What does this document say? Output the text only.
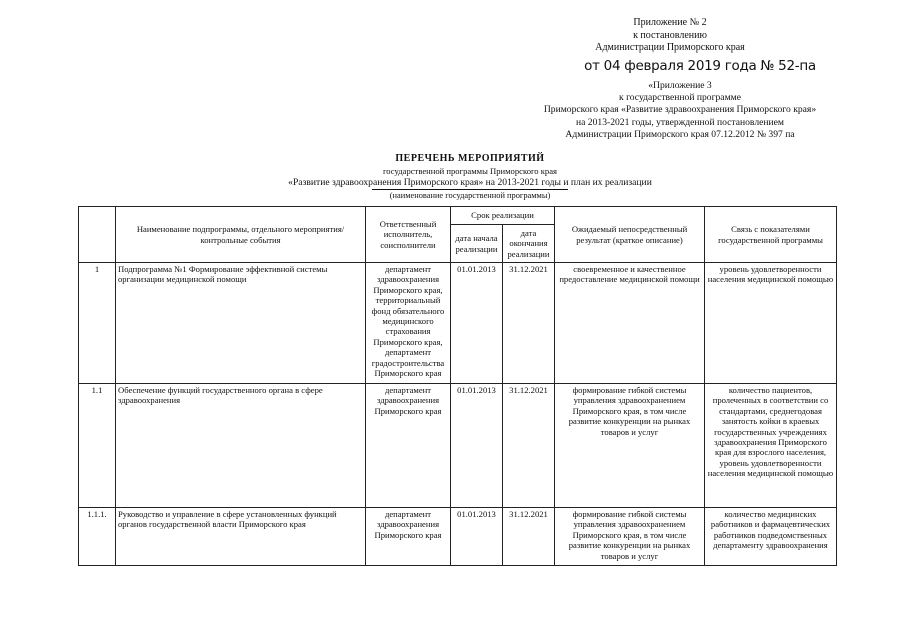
Приложение № 2
к постановлению
Администрации Приморского края
от 04 февраля 2019 года № 52-па
«Приложение 3
к государственной программе
Приморского края «Развитие здравоохранения Приморского края»
на 2013-2021 годы, утвержденной постановлением
Администрации Приморского края 07.12.2012 № 397 па
ПЕРЕЧЕНЬ МЕРОПРИЯТИЙ
государственной программы Приморского края
«Развитие здравоохранения Приморского края» на 2013-2021 годы и план их реализации
(наименование государственной программы)
	Наименование подпрограммы, отдельного мероприятия/контрольные события	Ответственный исполнитель, соисполнители	Срок реализации		Ожидаемый непосредственный результат (краткое описание)	Связь с показателями государственной программы
			дата начала реализации	дата окончания реализации		
1	Подпрограмма №1 Формирование эффективной системы организации медицинской помощи	департамент здравоохранения Приморского края, территориальный фонд обязательного медицинского страхования Приморского края, департамент градостроительства Приморского края	01.01.2013	31.12.2021	своевременное и качественное предоставление медицинской помощи	уровень удовлетворенности населения медицинской помощью
1.1	Обеспечение функций государственного органа в сфере здравоохранения	департамент здравоохранения Приморского края	01.01.2013	31.12.2021	формирование гибкой системы управления здравоохранением Приморского края, в том числе развитие конкуренции на рынках товаров и услуг	количество пациентов, пролеченных в соответствии со стандартами, среднегодовая занятость койки в краевых государственных учреждениях здравоохранения Приморского края для взрослого населения, уровень удовлетворенности населения медицинской помощью
1.1.1.	Руководство и управление в сфере установленных функций органов государственной власти Приморского края	департамент здравоохранения Приморского края	01.01.2013	31.12.2021	формирование гибкой системы управления здравоохранением Приморского края, в том числе развитие конкуренции на рынках товаров и услуг	количество медицинских работников и фармацевтических работников подведомственных департаменту здравоохранения
